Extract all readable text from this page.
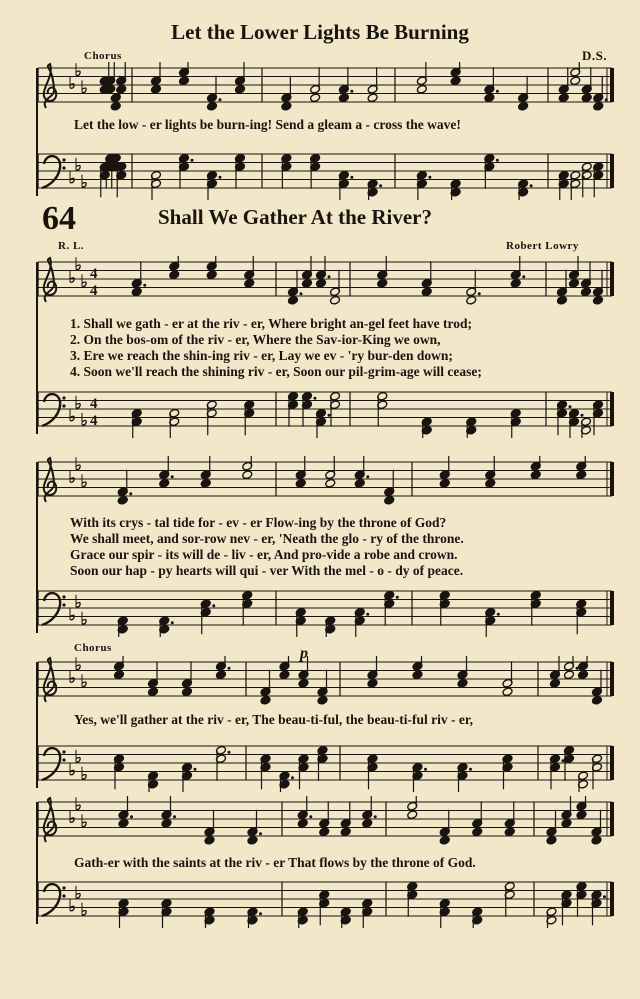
Let the Lower Lights Be Burning
Chorus	D.S.
Let the low - er lights be burn-ing! Send a gleam a - cross the wave!
64	Shall We Gather At the River?
R. L.	Robert Lowry
4
4
1. Shall we gath - er at the riv - er, Where bright an-gel feet have trod;
2. On the bos-om of the riv - er, Where the Sav-ior-King we own,
3. Ere we reach the shin-ing riv - er, Lay we ev - 'ry bur-den down;
4. Soon we'll reach the shining riv - er, Soon our pil-grim-age will cease;
4
4
With its crys - tal tide for - ev - er Flow-ing by the throne of God?
We shall meet, and sor-row nev - er, 'Neath the glo - ry of the throne.
Grace our spir - its will de - liv - er, And pro-vide a robe and crown.
Soon our hap - py hearts will qui - ver With the mel - o - dy of peace.
Chorus	p
Yes, we'll gather at the riv - er, The beau-ti-ful, the beau-ti-ful riv - er,
Gath-er with the saints at the riv - er That flows by the throne of God.
